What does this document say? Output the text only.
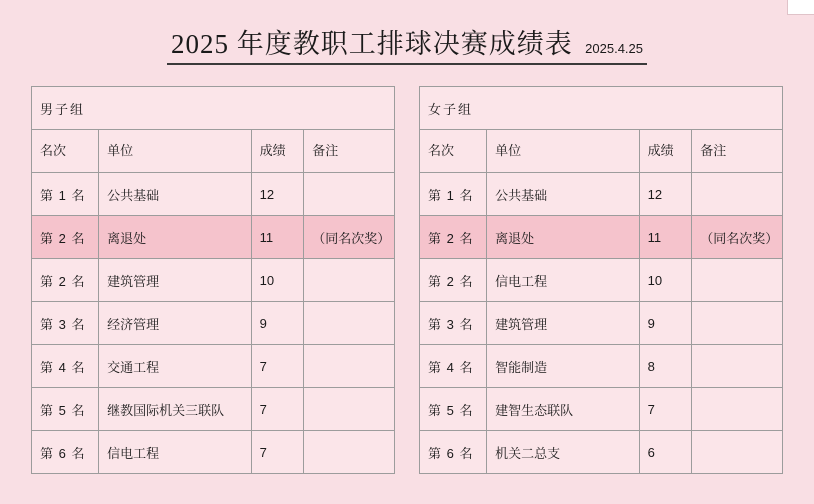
2025 年度教职工排球决赛成绩表 2025.4.25
男子组			
名次	单位	成绩	备注
第 1 名	公共基础	12	
第 2 名	离退处	11	（同名次奖）
第 2 名	建筑管理	10	
第 3 名	经济管理	9	
第 4 名	交通工程	7	
第 5 名	继教国际机关三联队	7	
第 6 名	信电工程	7	
女子组			
名次	单位	成绩	备注
第 1 名	公共基础	12	
第 2 名	离退处	11	（同名次奖）
第 2 名	信电工程	10	
第 3 名	建筑管理	9	
第 4 名	智能制造	8	
第 5 名	建智生态联队	7	
第 6 名	机关二总支	6	
